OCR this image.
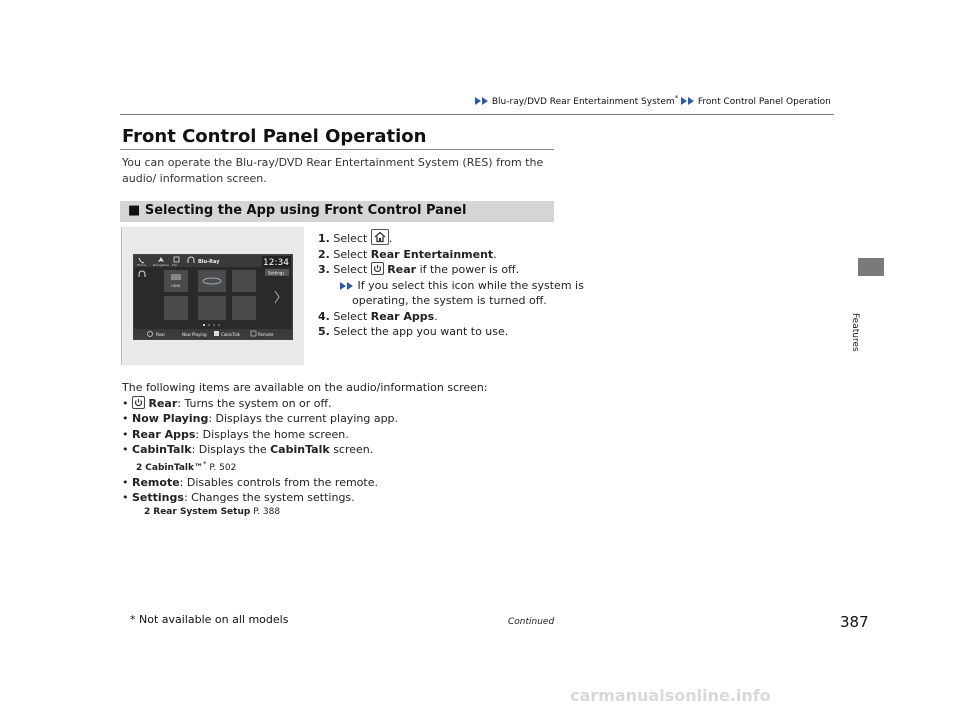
Blu-ray/DVD Rear Entertainment System* Front Control Panel Operation
Features
Front Control Panel Operation
You can operate the Blu-ray/DVD Rear Entertainment System (RES) from the audio/ information screen.
■ Selecting the App using Front Control Panel
Phone Navigation Flip	Blu-Ray	12:34
Settings
HDMI
Rear	Now Playing	CabinTalk	Remote
1. Select .
2. Select Rear Entertainment.
3. Select Rear if the power is off.
If you select this icon while the system is
operating, the system is turned off.
4. Select Rear Apps.
5. Select the app you want to use.
The following items are available on the audio/information screen:
• Rear: Turns the system on or off.
• Now Playing: Displays the current playing app.
• Rear Apps: Displays the home screen.
• CabinTalk: Displays the CabinTalk screen.
2 CabinTalk™* P. 502
• Remote: Disables controls from the remote.
• Settings: Changes the system settings.
2 Rear System Setup P. 388
* Not available on all models	Continued	387
carmanualsonline.info
